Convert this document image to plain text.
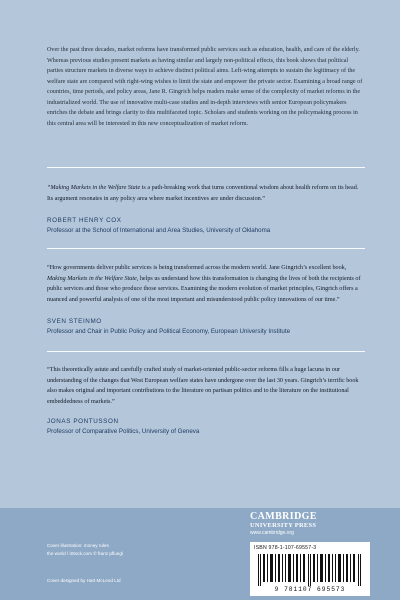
Over the past three decades, market reforms have transformed public services such as education, health, and care of the elderly. Whereas previous studies present markets as having similar and largely non-political effects, this book shows that political parties structure markets in diverse ways to achieve distinct political aims. Left-wing attempts to sustain the legitimacy of the welfare state are compared with right-wing wishes to limit the state and empower the private sector. Examining a broad range of countries, time periods, and policy areas, Jane R. Gingrich helps readers make sense of the complexity of market reforms in the industrialized world. The use of innovative multi-case studies and in-depth interviews with senior European policymakers enriches the debate and brings clarity to this multifaceted topic. Scholars and students working on the policymaking process in this central area will be interested in this new conceptualization of market reform.
“Making Markets in the Welfare State is a path-breaking work that turns conventional wisdom about health reform on its head. Its argument resonates in any policy area where market incentives are under discussion.”
ROBERT HENRY COX
Professor at the School of International and Area Studies, University of Oklahoma
“How governments deliver public services is being transformed across the modern world. Jane Gingrich’s excellent book, Making Markets in the Welfare State, helps us understand how this transformation is changing the lives of both the recipients of public services and those who produce those services. Examining the modern evolution of market principles, Gingrich offers a nuanced and powerful analysis of one of the most important and misunderstood public policy innovations of our time.”
SVEN STEINMO
Professor and Chair in Public Policy and Political Economy, European University Institute
“This theoretically astute and carefully crafted study of market-oriented public-sector reforms fills a huge lacuna in our understanding of the changes that West European welfare states have undergone over the last 30 years. Gingrich’s terrific book also makes original and important contributions to the literature on partisan politics and to the literature on the institutional embeddedness of markets.”
JONAS PONTUSSON
Professor of Comparative Politics, University of Geneva
CAMBRIDGE
UNIVERSITY PRESS
www.cambridge.org
Cover illustration: money rules
the world / iStock.com © franz pfluegl
Cover designed by Hart McLeod Ltd
ISBN 978-1-107-69557-3
9 781107 695573
